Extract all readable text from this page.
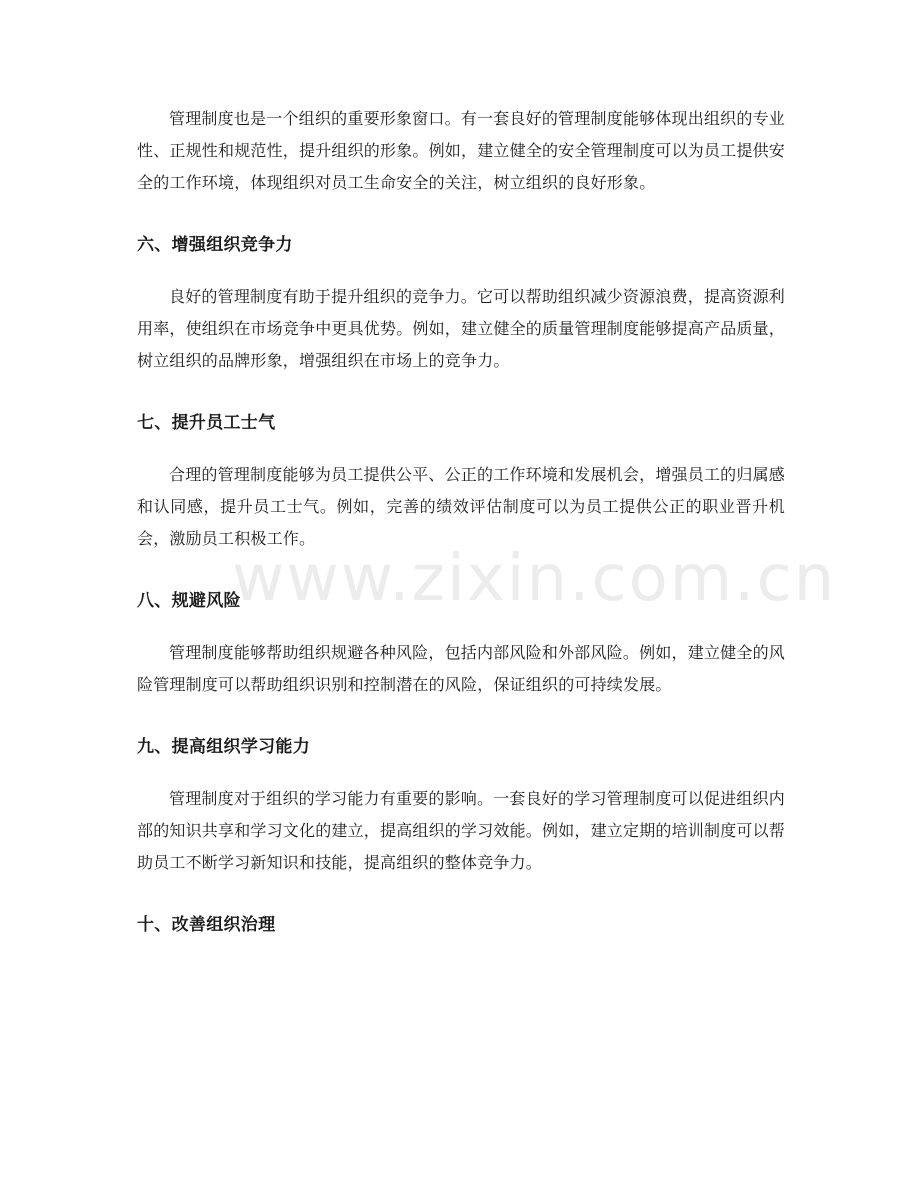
管理制度也是一个组织的重要形象窗口。有一套良好的管理制度能够体现出组织的专业性、正规性和规范性，提升组织的形象。例如，建立健全的安全管理制度可以为员工提供安全的工作环境，体现组织对员工生命安全的关注，树立组织的良好形象。

六、增强组织竞争力

良好的管理制度有助于提升组织的竞争力。它可以帮助组织减少资源浪费，提高资源利用率，使组织在市场竞争中更具优势。例如，建立健全的质量管理制度能够提高产品质量，树立组织的品牌形象，增强组织在市场上的竞争力。

七、提升员工士气

合理的管理制度能够为员工提供公平、公正的工作环境和发展机会，增强员工的归属感和认同感，提升员工士气。例如，完善的绩效评估制度可以为员工提供公正的职业晋升机会，激励员工积极工作。

八、规避风险

管理制度能够帮助组织规避各种风险，包括内部风险和外部风险。例如，建立健全的风险管理制度可以帮助组织识别和控制潜在的风险，保证组织的可持续发展。

九、提高组织学习能力

管理制度对于组织的学习能力有重要的影响。一套良好的学习管理制度可以促进组织内部的知识共享和学习文化的建立，提高组织的学习效能。例如，建立定期的培训制度可以帮助员工不断学习新知识和技能，提高组织的整体竞争力。

十、改善组织治理
www.zixin.com.cn
